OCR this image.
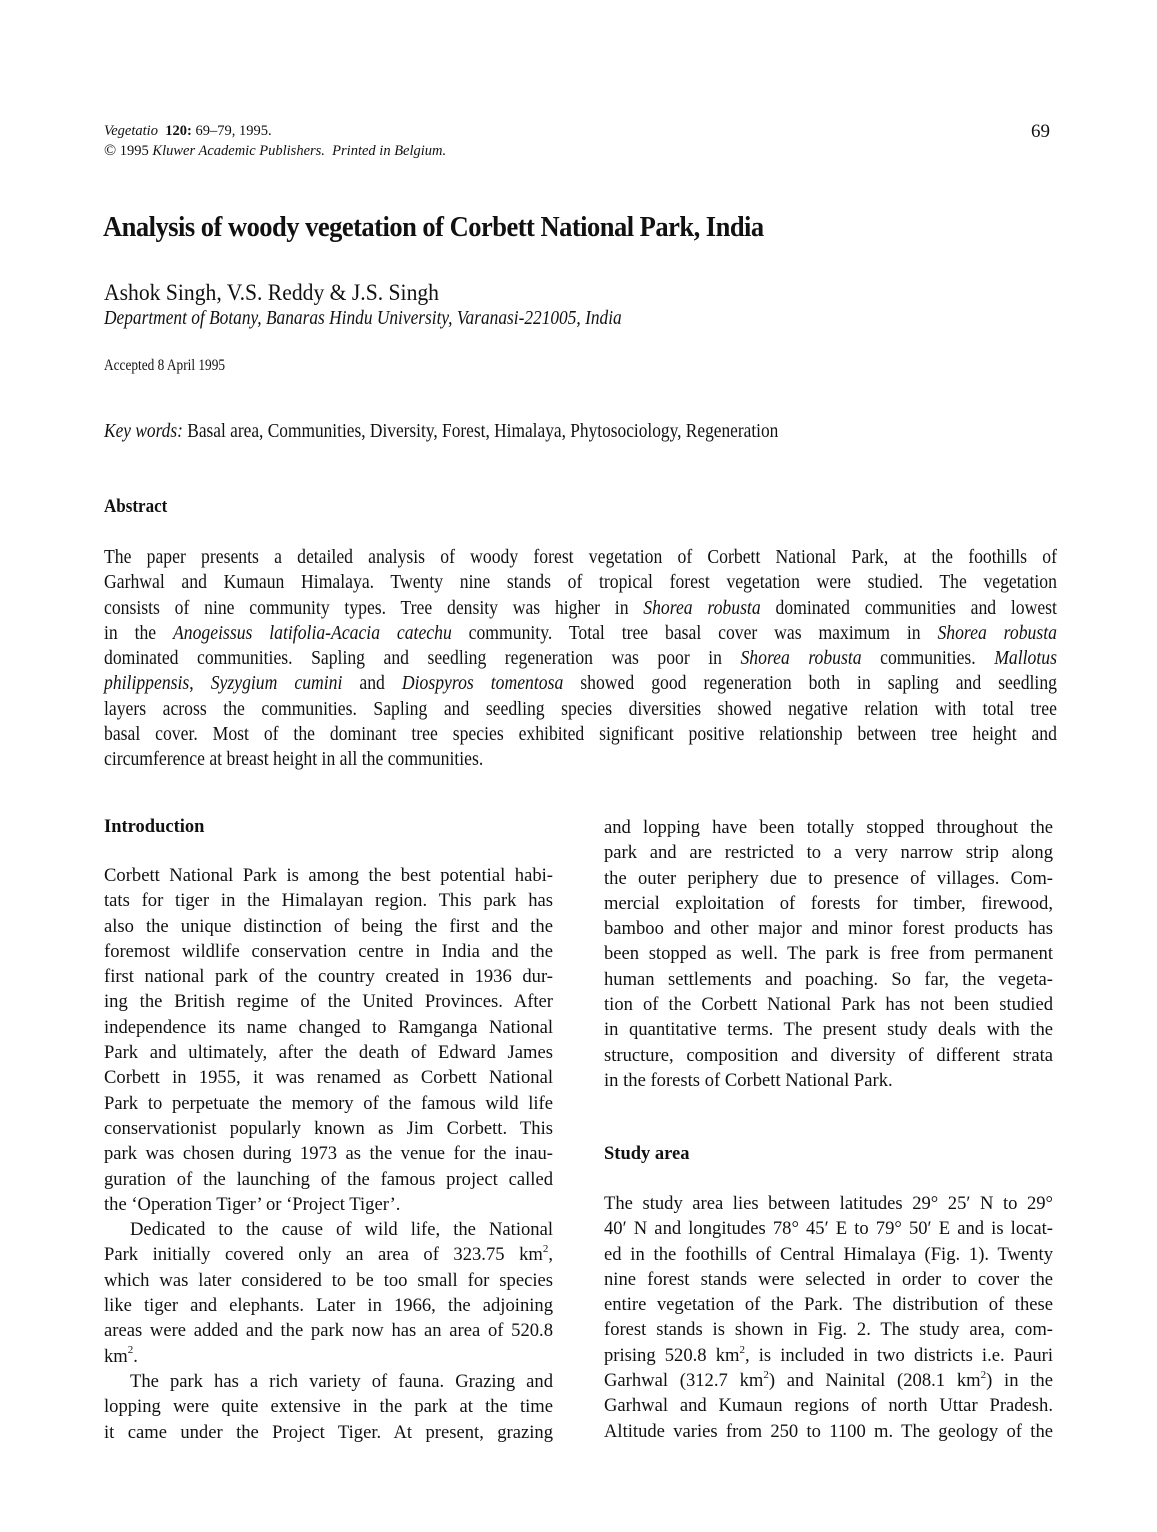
Vegetatio 120: 69–79, 1995.
© 1995 Kluwer Academic Publishers. Printed in Belgium.
69
Analysis of woody vegetation of Corbett National Park, India
Ashok Singh, V.S. Reddy & J.S. Singh
Department of Botany, Banaras Hindu University, Varanasi-221005, India
Accepted 8 April 1995
Key words: Basal area, Communities, Diversity, Forest, Himalaya, Phytosociology, Regeneration
Abstract
The paper presents a detailed analysis of woody forest vegetation of Corbett National Park, at the foothills of
Garhwal and Kumaun Himalaya. Twenty nine stands of tropical forest vegetation were studied. The vegetation
consists of nine community types. Tree density was higher in Shorea robusta dominated communities and lowest
in the Anogeissus latifolia-Acacia catechu community. Total tree basal cover was maximum in Shorea robusta
dominated communities. Sapling and seedling regeneration was poor in Shorea robusta communities. Mallotus
philippensis, Syzygium cumini and Diospyros tomentosa showed good regeneration both in sapling and seedling
layers across the communities. Sapling and seedling species diversities showed negative relation with total tree
basal cover. Most of the dominant tree species exhibited significant positive relationship between tree height and
circumference at breast height in all the communities.
Introduction
Corbett National Park is among the best potential habi-
tats for tiger in the Himalayan region. This park has
also the unique distinction of being the first and the
foremost wildlife conservation centre in India and the
first national park of the country created in 1936 dur-
ing the British regime of the United Provinces. After
independence its name changed to Ramganga National
Park and ultimately, after the death of Edward James
Corbett in 1955, it was renamed as Corbett National
Park to perpetuate the memory of the famous wild life
conservationist popularly known as Jim Corbett. This
park was chosen during 1973 as the venue for the inau-
guration of the launching of the famous project called
the ‘Operation Tiger’ or ‘Project Tiger’.
Dedicated to the cause of wild life, the National
Park initially covered only an area of 323.75 $km^2$,
which was later considered to be too small for species
like tiger and elephants. Later in 1966, the adjoining
areas were added and the park now has an area of 520.8
$km^2$.
The park has a rich variety of fauna. Grazing and
lopping were quite extensive in the park at the time
it came under the Project Tiger. At present, grazing
and lopping have been totally stopped throughout the
park and are restricted to a very narrow strip along
the outer periphery due to presence of villages. Com-
mercial exploitation of forests for timber, firewood,
bamboo and other major and minor forest products has
been stopped as well. The park is free from permanent
human settlements and poaching. So far, the vegeta-
tion of the Corbett National Park has not been studied
in quantitative terms. The present study deals with the
structure, composition and diversity of different strata
in the forests of Corbett National Park.
Study area
The study area lies between latitudes 29° 25′ N to 29°
40′ N and longitudes 78° 45′ E to 79° 50′ E and is locat-
ed in the foothills of Central Himalaya (Fig. 1). Twenty
nine forest stands were selected in order to cover the
entire vegetation of the Park. The distribution of these
forest stands is shown in Fig. 2. The study area, com-
prising 520.8 $km^2$, is included in two districts i.e. Pauri
Garhwal (312.7 $km^2$) and Nainital (208.1 $km^2$) in the
Garhwal and Kumaun regions of north Uttar Pradesh.
Altitude varies from 250 to 1100 m. The geology of the
